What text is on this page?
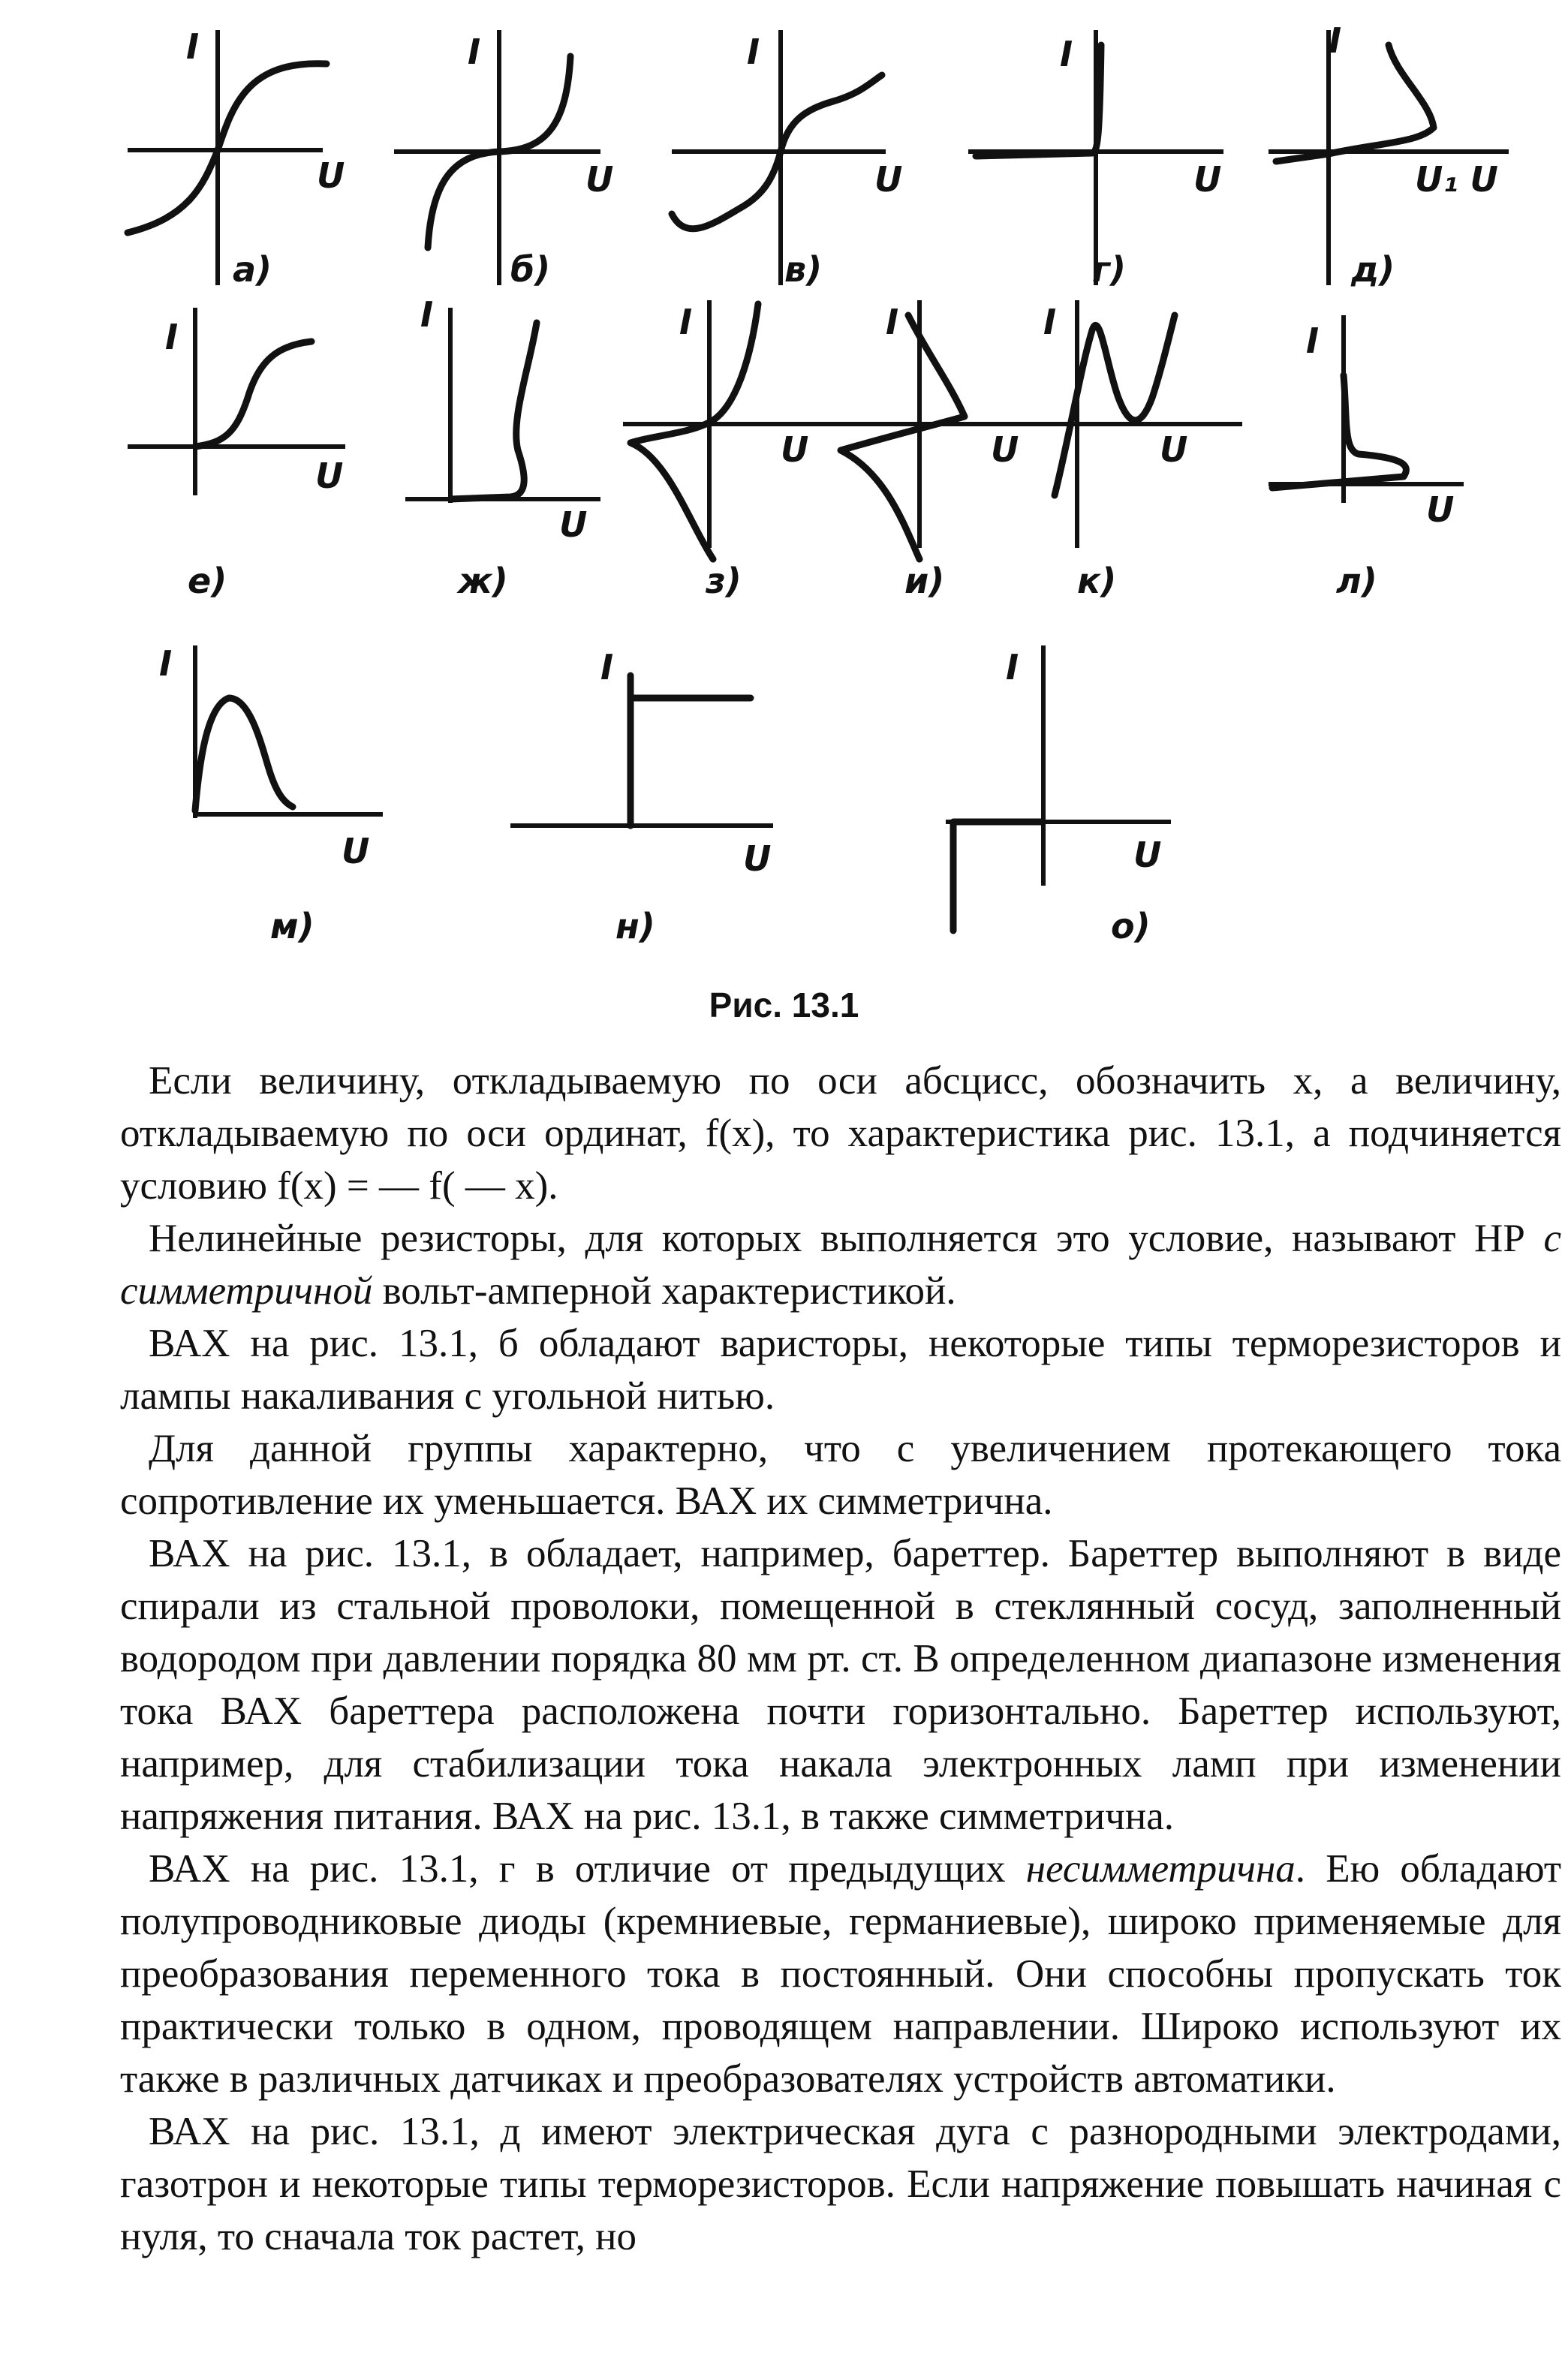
I
U
а)
I
U
б)
I
U
в)
I
U
г)
I
U₁ U
д)
I
U
е)
I
U
ж)
I
U
з)
I
U
и)
I
U
к)
I
U
л)
I
U
м)
I
U
н)
I
U
о)
Рис. 13.1

Если величину, откладываемую по оси абсцисс, обозначить x, а величину, откладываемую по оси ординат, f(x), то характеристика рис. 13.1, а подчиняется условию f(x) = — f( — x).

Нелинейные резисторы, для которых выполняется это условие, называют НР с симметричной вольт-амперной характеристикой.

ВАХ на рис. 13.1, б обладают варисторы, некоторые типы терморезисторов и лампы накаливания с угольной нитью.

Для данной группы характерно, что с увеличением протекающего тока сопротивление их уменьшается. ВАХ их симметрична.

ВАХ на рис. 13.1, в обладает, например, бареттер. Бареттер выполняют в виде спирали из стальной проволоки, помещенной в стеклянный сосуд, заполненный водородом при давлении порядка 80 мм рт. ст. В определенном диапазоне изменения тока ВАХ бареттера расположена почти горизонтально. Бареттер используют, например, для стабилизации тока накала электронных ламп при изменении напряжения питания. ВАХ на рис. 13.1, в также симметрична.

ВАХ на рис. 13.1, г в отличие от предыдущих несимметрична. Ею обладают полупроводниковые диоды (кремниевые, германиевые), широко применяемые для преобразования переменного тока в постоянный. Они способны пропускать ток практически только в одном, проводящем направлении. Широко используют их также в различных датчиках и преобразователях устройств автоматики.

ВАХ на рис. 13.1, д имеют электрическая дуга с разнородными электродами, газотрон и некоторые типы терморезисторов. Если напряжение повышать начиная с нуля, то сначала ток растет, но
